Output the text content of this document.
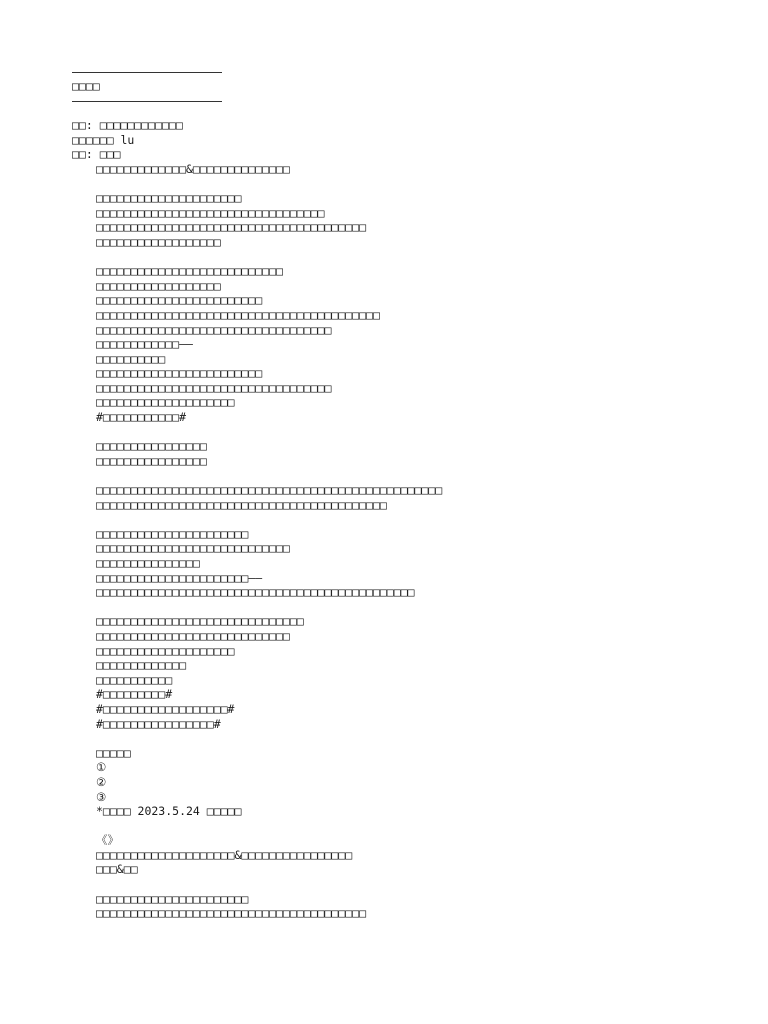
□□□□
□□: □□□□□□□□□□□□
□□□□□□ lu
□□: □□□
□□□□□□□□□□□□□&□□□□□□□□□□□□□□
□□□□□□□□□□□□□□□□□□□□□
□□□□□□□□□□□□□□□□□□□□□□□□□□□□□□□□□
□□□□□□□□□□□□□□□□□□□□□□□□□□□□□□□□□□□□□□□
□□□□□□□□□□□□□□□□□□
□□□□□□□□□□□□□□□□□□□□□□□□□□□
□□□□□□□□□□□□□□□□□□
□□□□□□□□□□□□□□□□□□□□□□□□
□□□□□□□□□□□□□□□□□□□□□□□□□□□□□□□□□□□□□□□□□
□□□□□□□□□□□□□□□□□□□□□□□□□□□□□□□□□□
□□□□□□□□□□□□——
□□□□□□□□□□
□□□□□□□□□□□□□□□□□□□□□□□□
□□□□□□□□□□□□□□□□□□□□□□□□□□□□□□□□□□
□□□□□□□□□□□□□□□□□□□□
#□□□□□□□□□□□#
□□□□□□□□□□□□□□□□
□□□□□□□□□□□□□□□□
□□□□□□□□□□□□□□□□□□□□□□□□□□□□□□□□□□□□□□□□□□□□□□□□□□
□□□□□□□□□□□□□□□□□□□□□□□□□□□□□□□□□□□□□□□□□□
□□□□□□□□□□□□□□□□□□□□□□
□□□□□□□□□□□□□□□□□□□□□□□□□□□□
□□□□□□□□□□□□□□□
□□□□□□□□□□□□□□□□□□□□□□——
□□□□□□□□□□□□□□□□□□□□□□□□□□□□□□□□□□□□□□□□□□□□□□
□□□□□□□□□□□□□□□□□□□□□□□□□□□□□□
□□□□□□□□□□□□□□□□□□□□□□□□□□□□
□□□□□□□□□□□□□□□□□□□□
□□□□□□□□□□□□□
□□□□□□□□□□□
#□□□□□□□□□#
#□□□□□□□□□□□□□□□□□□#
#□□□□□□□□□□□□□□□□#
□□□□□
①
②
③
*□□□□ 2023.5.24 □□□□□
《》
□□□□□□□□□□□□□□□□□□□□&□□□□□□□□□□□□□□□□
□□□&□□
□□□□□□□□□□□□□□□□□□□□□□
□□□□□□□□□□□□□□□□□□□□□□□□□□□□□□□□□□□□□□□
